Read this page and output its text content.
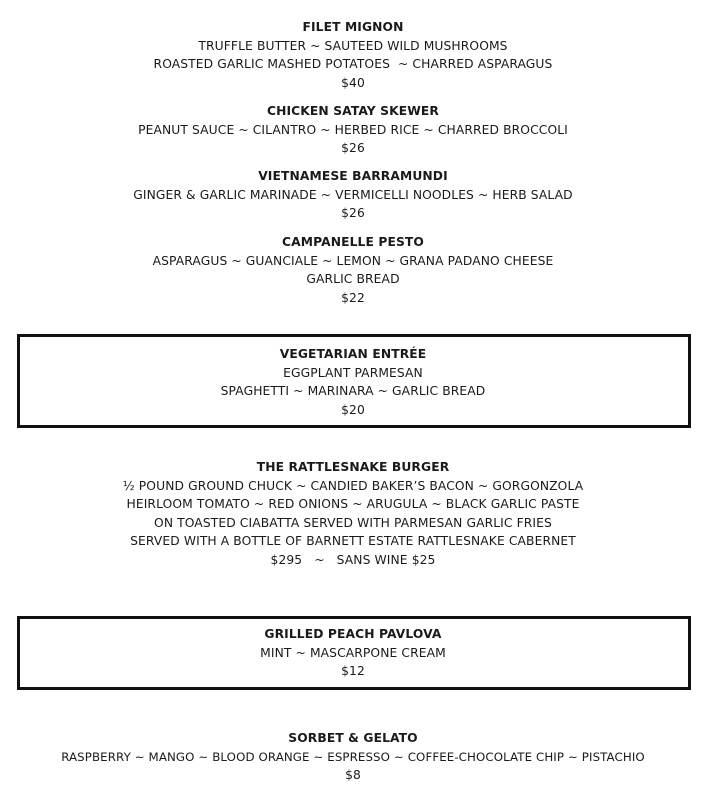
FILET MIGNON
TRUFFLE BUTTER ~ SAUTEED WILD MUSHROOMS
ROASTED GARLIC MASHED POTATOES  ~ CHARRED ASPARAGUS
$40
CHICKEN SATAY SKEWER
PEANUT SAUCE ~ CILANTRO ~ HERBED RICE ~ CHARRED BROCCOLI
$26
VIETNAMESE BARRAMUNDI
GINGER & GARLIC MARINADE ~ VERMICELLI NOODLES ~ HERB SALAD
$26
CAMPANELLE PESTO
ASPARAGUS ~ GUANCIALE ~ LEMON ~ GRANA PADANO CHEESE
GARLIC BREAD
$22
VEGETARIAN ENTRÉE
EGGPLANT PARMESAN
SPAGHETTI ~ MARINARA ~ GARLIC BREAD
$20
THE RATTLESNAKE BURGER
½ POUND GROUND CHUCK ~ CANDIED BAKER’S BACON ~ GORGONZOLA
HEIRLOOM TOMATO ~ RED ONIONS ~ ARUGULA ~ BLACK GARLIC PASTE
ON TOASTED CIABATTA SERVED WITH PARMESAN GARLIC FRIES
SERVED WITH A BOTTLE OF BARNETT ESTATE RATTLESNAKE CABERNET
$295   ~   SANS WINE $25
GRILLED PEACH PAVLOVA
MINT ~ MASCARPONE CREAM
$12
SORBET & GELATO
RASPBERRY ~ MANGO ~ BLOOD ORANGE ~ ESPRESSO ~ COFFEE-CHOCOLATE CHIP ~ PISTACHIO
$8
